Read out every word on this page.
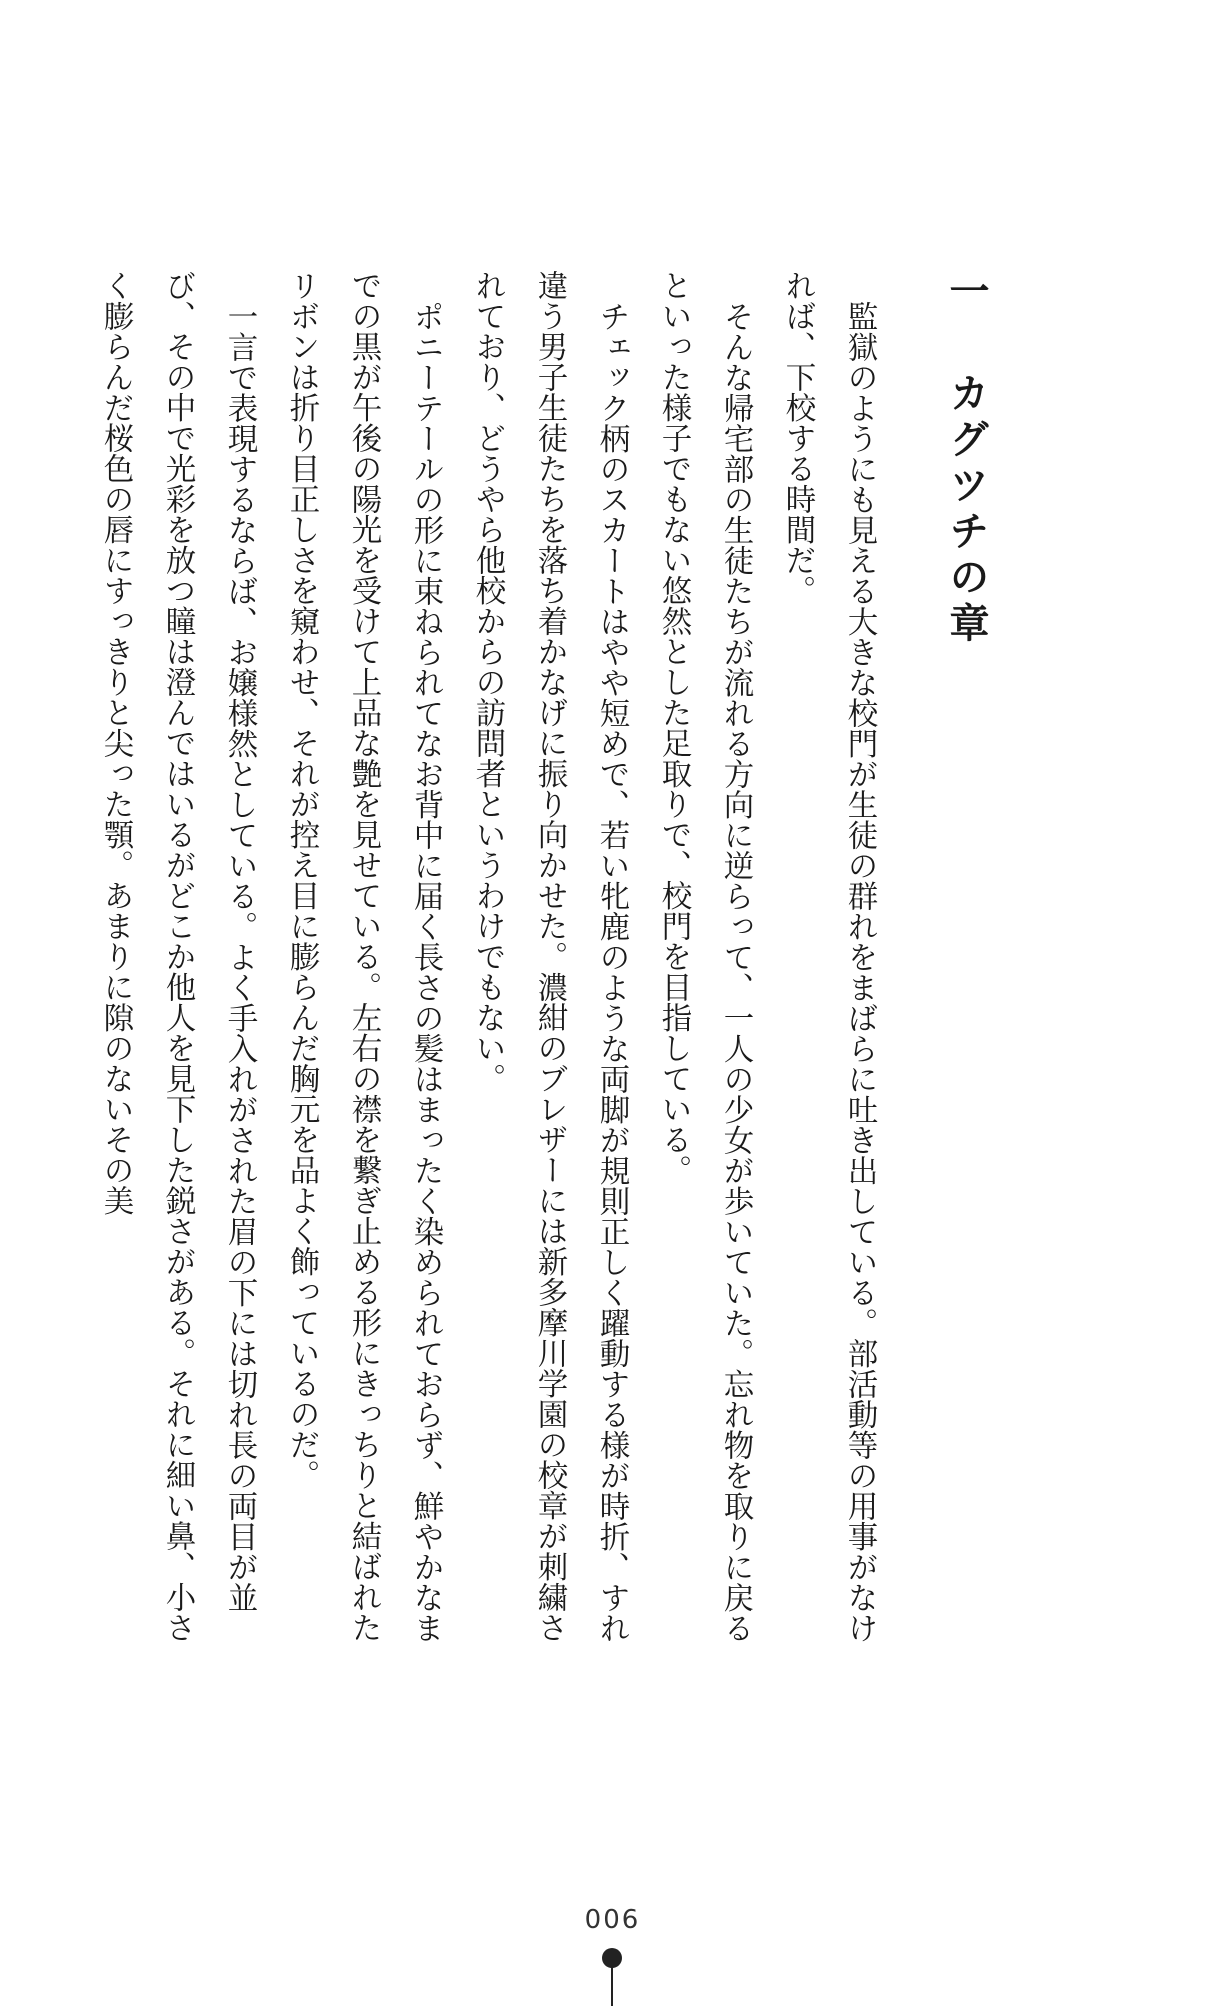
一 カグツチの章

監獄のようにも見える大きな校門が生徒の群れをまばらに吐き出している。部活動等の用事がなければ、下校する時間だ。

そんな帰宅部の生徒たちが流れる方向に逆らって、一人の少女が歩いていた。忘れ物を取りに戻るといった様子でもない悠然とした足取りで、校門を目指している。

チェック柄のスカートはやや短めで、若い牝鹿のような両脚が規則正しく躍動する様が時折、すれ違う男子生徒たちを落ち着かなげに振り向かせた。濃紺のブレザーには新多摩川学園の校章が刺繍されており、どうやら他校からの訪問者というわけでもない。

ポニーテールの形に束ねられてなお背中に届く長さの髪はまったく染められておらず、鮮やかなまでの黒が午後の陽光を受けて上品な艶を見せている。左右の襟を繋ぎ止める形にきっちりと結ばれたリボンは折り目正しさを窺わせ、それが控え目に膨らんだ胸元を品よく飾っているのだ。

一言で表現するならば、お嬢様然としている。よく手入れがされた眉の下には切れ長の両目が並び、その中で光彩を放つ瞳は澄んではいるがどこか他人を見下した鋭さがある。それに細い鼻、小さく膨らんだ桜色の唇にすっきりと尖った顎。あまりに隙のないその美

006
